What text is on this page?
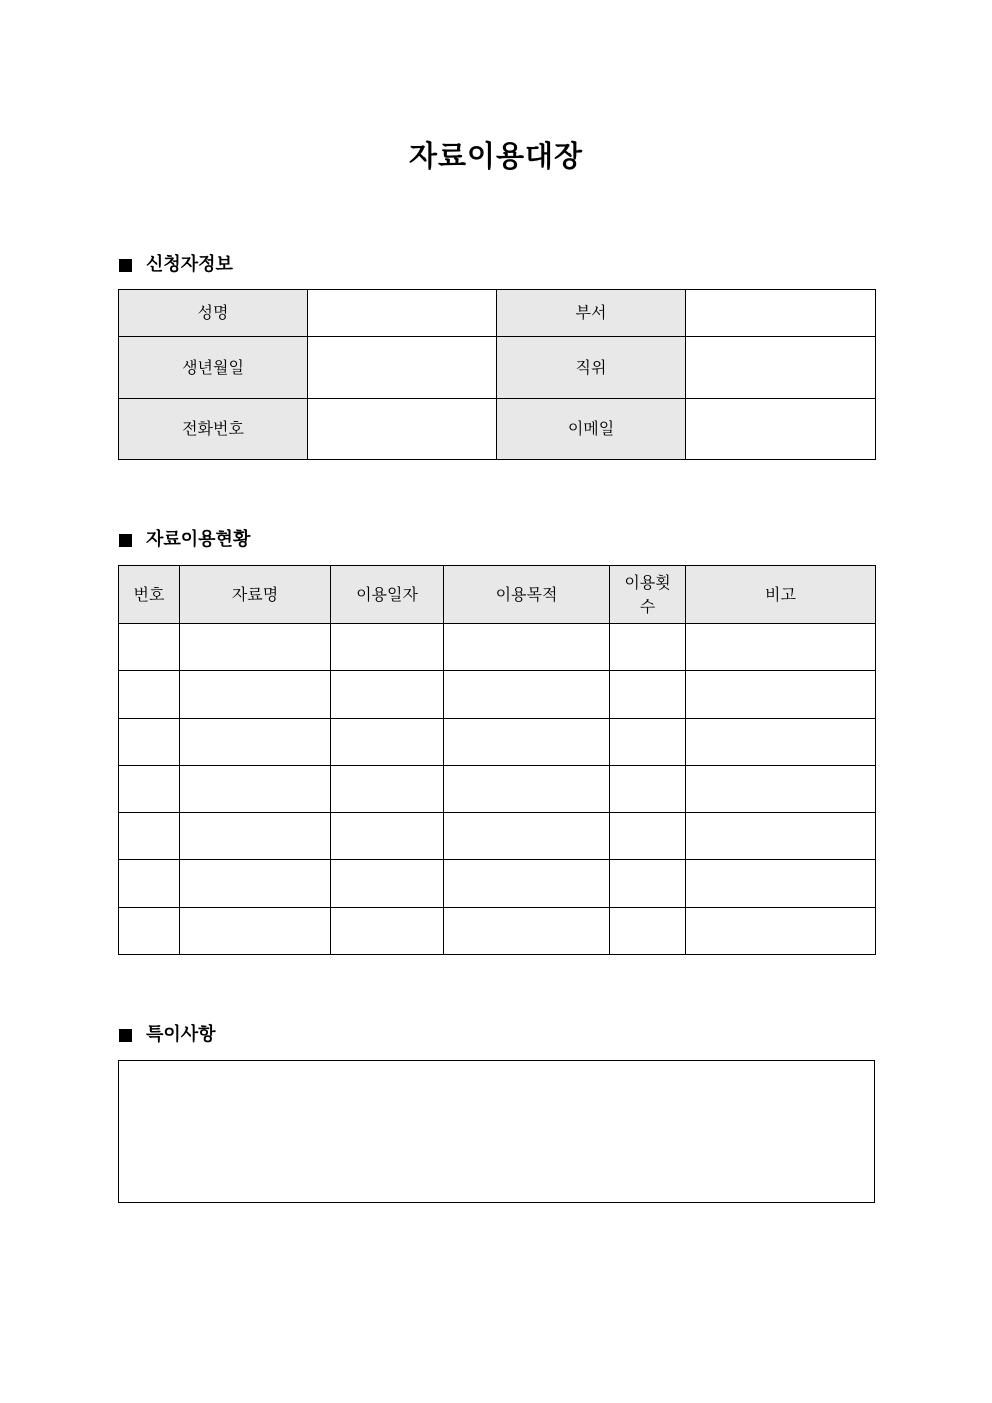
자료이용대장
신청자정보
성명		부서	
생년월일		직위	
전화번호		이메일	
자료이용현황
번호	자료명	이용일자	이용목적	이용횟수	비고

특이사항
